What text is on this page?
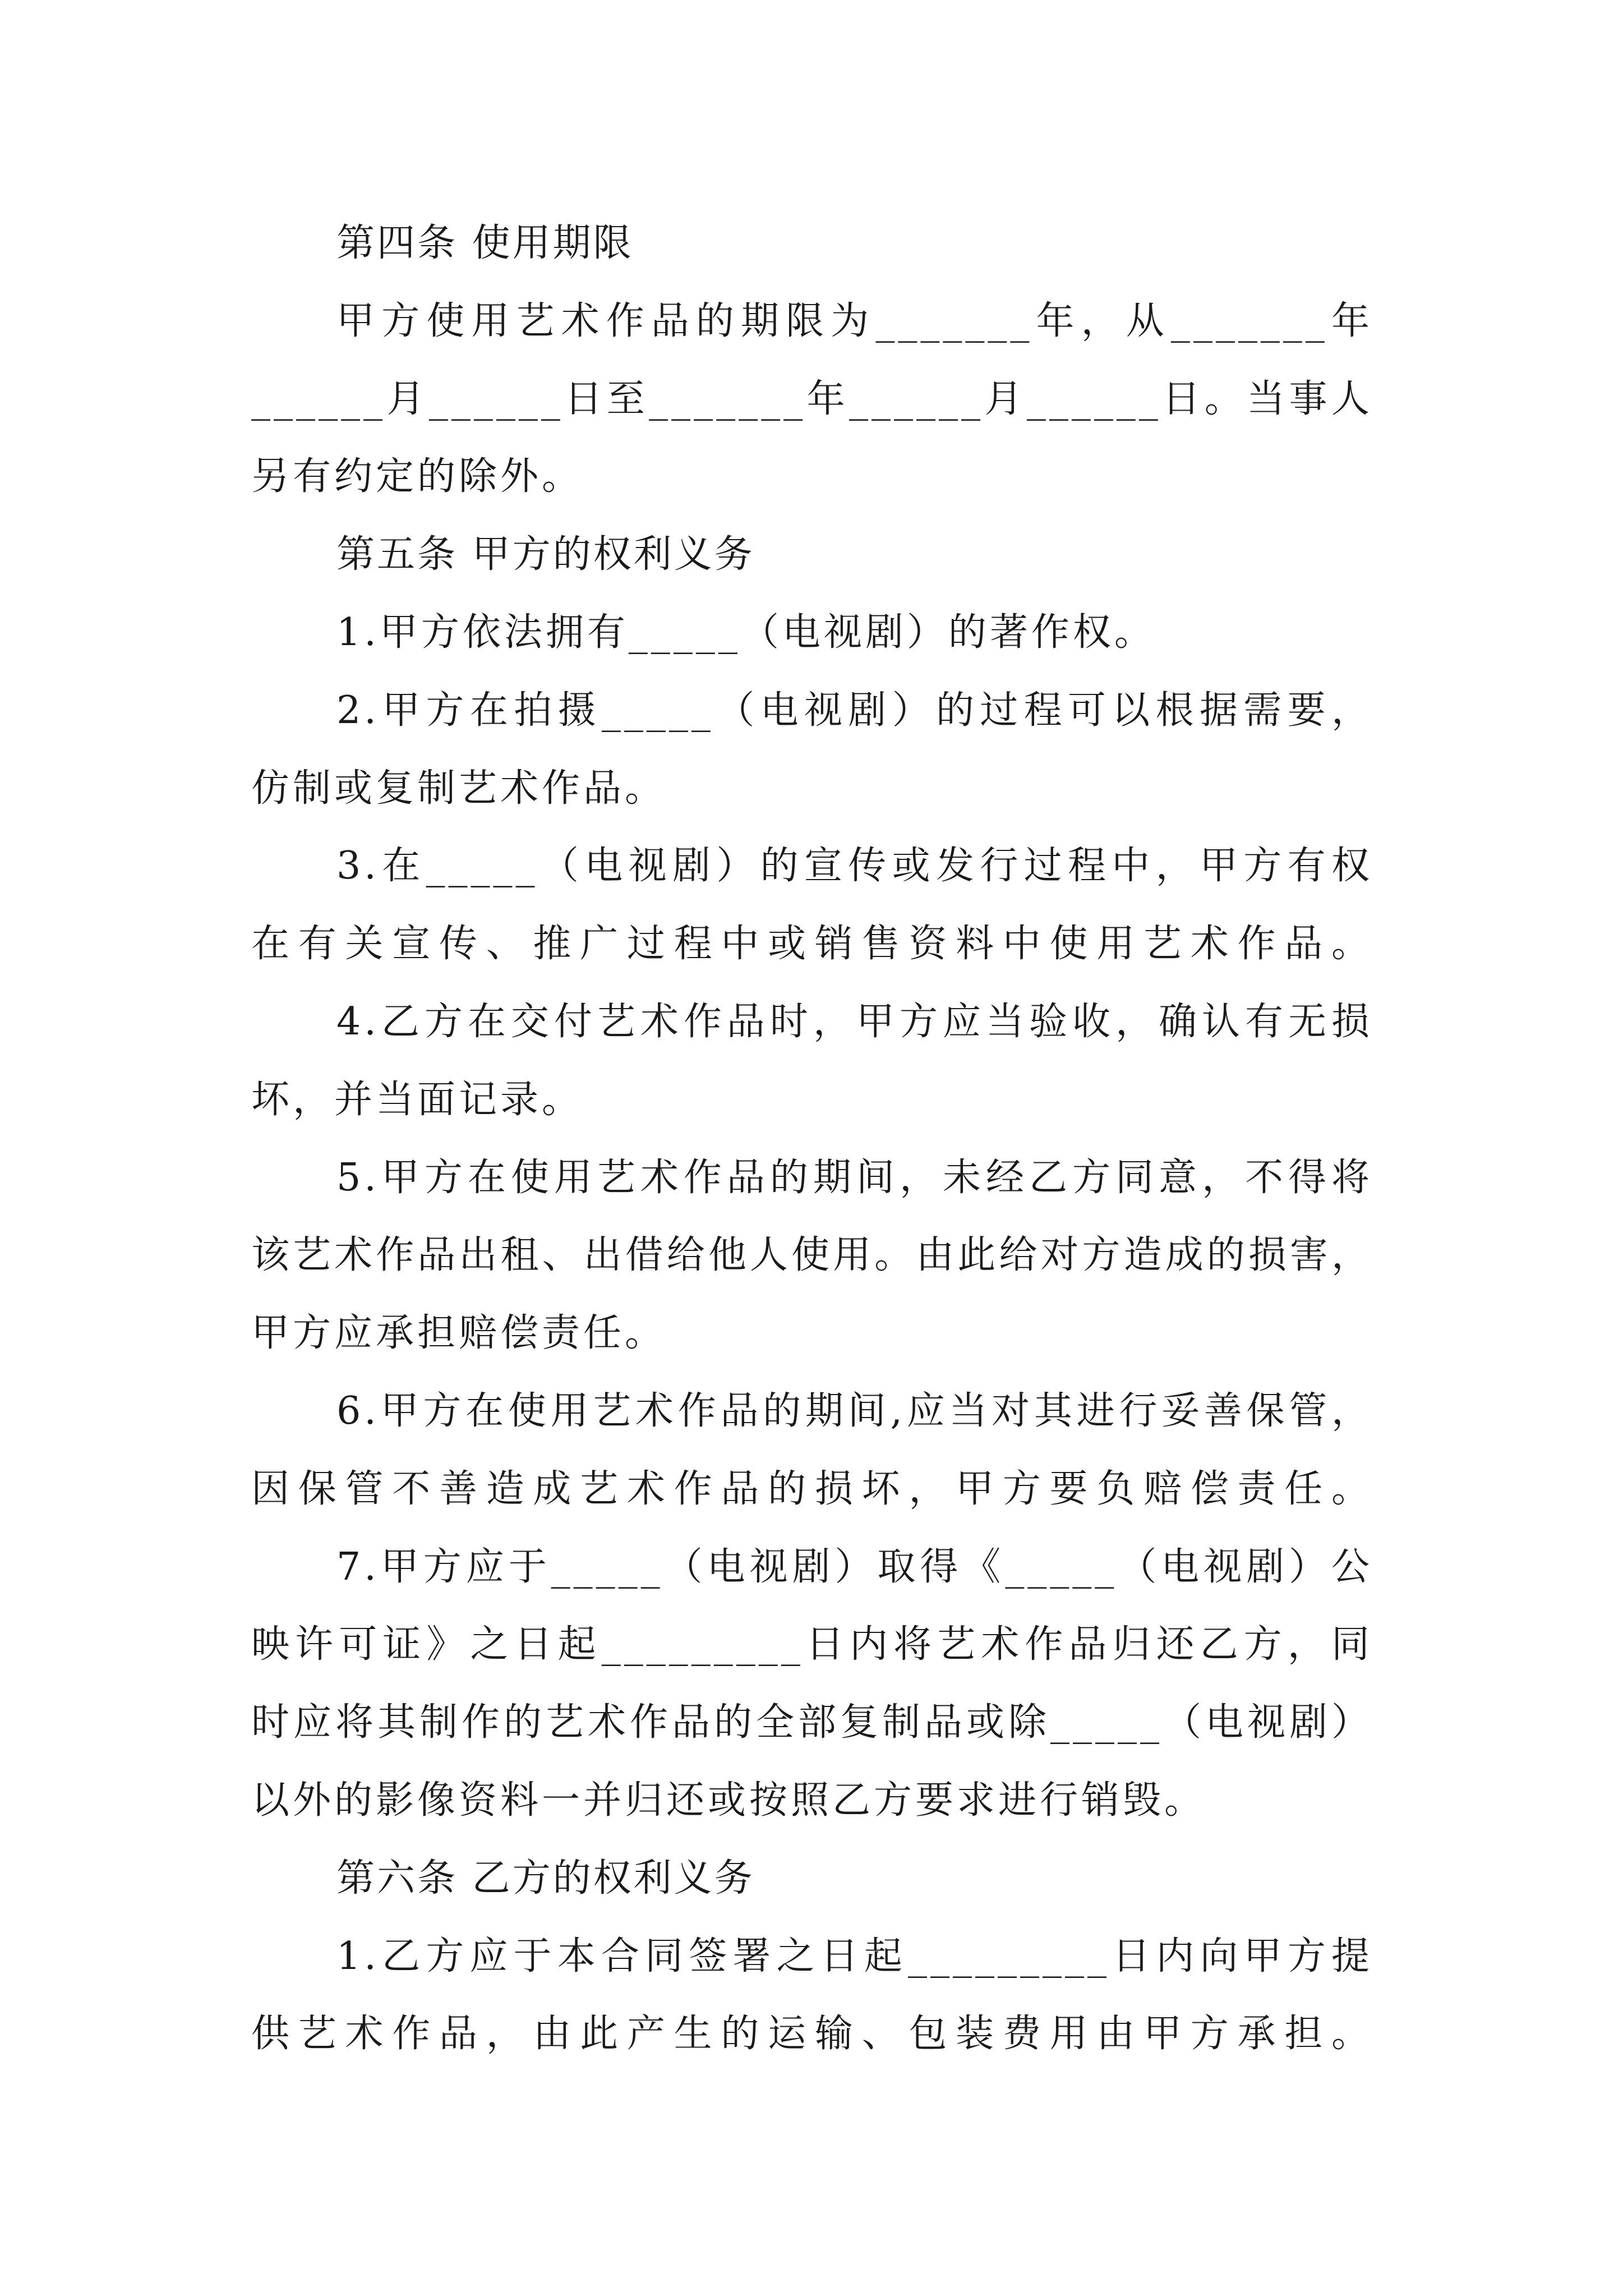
第四条 使用期限
甲方使用艺术作品的期限为_______年，从_______年
______月______日至_______年______月______日。当事人
另有约定的除外。
第五条 甲方的权利义务
1.甲方依法拥有_____（电视剧）的著作权。
2.甲方在拍摄_____（电视剧）的过程可以根据需要，
仿制或复制艺术作品。
3.在_____（电视剧）的宣传或发行过程中，甲方有权
在有关宣传、推广过程中或销售资料中使用艺术作品。
4.乙方在交付艺术作品时，甲方应当验收，确认有无损
坏，并当面记录。
5.甲方在使用艺术作品的期间，未经乙方同意，不得将
该艺术作品出租、出借给他人使用。由此给对方造成的损害，
甲方应承担赔偿责任。
6.甲方在使用艺术作品的期间,应当对其进行妥善保管，
因保管不善造成艺术作品的损坏，甲方要负赔偿责任。
7.甲方应于_____（电视剧）取得《_____（电视剧）公
映许可证》之日起_________日内将艺术作品归还乙方，同
时应将其制作的艺术作品的全部复制品或除_____（电视剧）
以外的影像资料一并归还或按照乙方要求进行销毁。
第六条 乙方的权利义务
1.乙方应于本合同签署之日起_________日内向甲方提
供艺术作品，由此产生的运输、包装费用由甲方承担。
